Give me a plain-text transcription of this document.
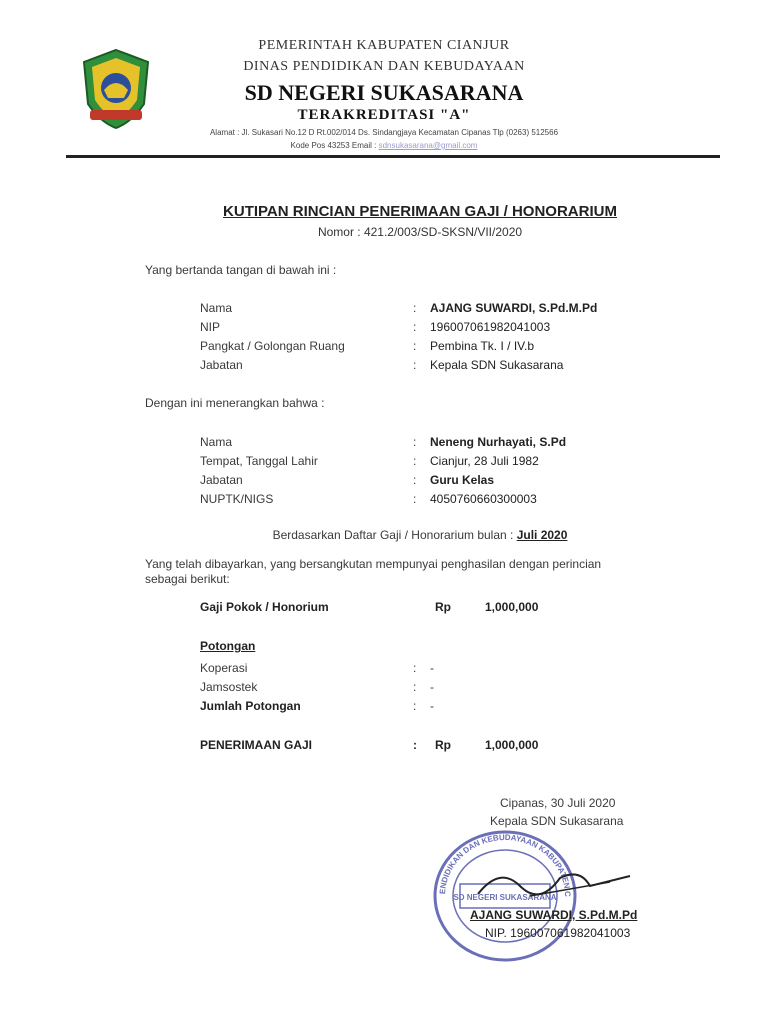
PEMERINTAH KABUPATEN CIANJUR
DINAS PENDIDIKAN DAN KEBUDAYAAN
SD NEGERI SUKASARANA
TERAKREDITASI "A"
Alamat : Jl. Sukasari No.12 D Rt.002/014 Ds. Sindangjaya Kecamatan Cipanas Tlp (0263) 512566
Kode Pos 43253 Email : sdnsukasarana@gmail.com
KUTIPAN RINCIAN PENERIMAAN GAJI / HONORARIUM
Nomor : 421.2/003/SD-SKSN/VII/2020
Yang bertanda tangan di bawah ini :
Nama	:	AJANG SUWARDI, S.Pd.M.Pd
NIP	:	196007061982041003
Pangkat / Golongan Ruang	:	Pembina Tk. I / IV.b
Jabatan	:	Kepala SDN Sukasarana
Dengan ini menerangkan bahwa :
Nama	:	Neneng Nurhayati, S.Pd
Tempat, Tanggal Lahir	:	Cianjur, 28 Juli 1982
Jabatan	:	Guru Kelas
NUPTK/NIGS	:	4050760660300003
Berdasarkan Daftar Gaji / Honorarium bulan : Juli 2020
Yang telah dibayarkan, yang bersangkutan mempunyai penghasilan dengan perincian
sebagai berikut:
Gaji Pokok / Honorium	Rp	1,000,000
Potongan
Koperasi	: -
Jamsostek	: -
Jumlah Potongan	: -
PENERIMAAN GAJI	: Rp	1,000,000
Cipanas, 30 Juli 2020
Kepala SDN Sukasarana
SD NEGERI SUKASARANA
ENDIDIKAN DAN KEBUDAYAAN KABUPATEN C
AJANG SUWARDI, S.Pd.M.Pd
NIP. 196007061982041003
